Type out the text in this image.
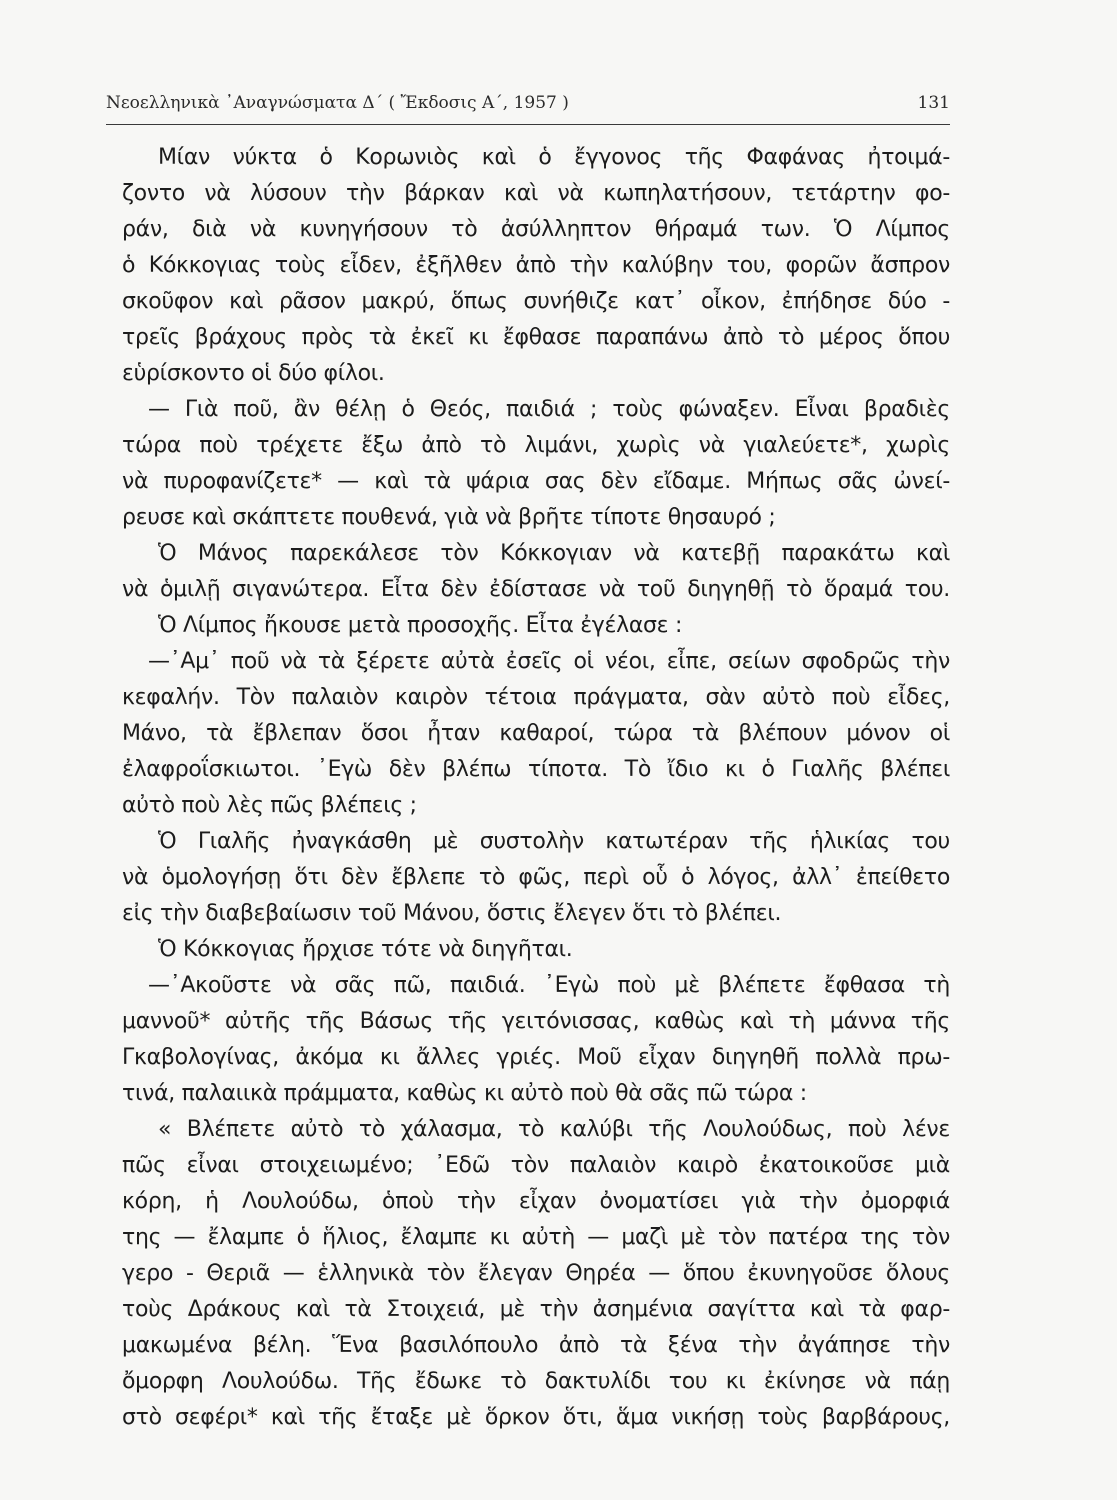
Νεοελληνικὰ ᾿Αναγνώσματα Δ΄ ( Ἔκδοσις Α΄, 1957 )	131
Μίαν νύκτα ὁ Κορωνιὸς καὶ ὁ ἔγγονος τῆς Φαφάνας ἠτοιμά-
ζοντο νὰ λύσουν τὴν βάρκαν καὶ νὰ κωπηλατήσουν, τετάρτην φο-
ράν, διὰ νὰ κυνηγήσουν τὸ ἀσύλληπτον θήραμά των. Ὁ Λίμπος
ὁ Κόκκογιας τοὺς εἶδεν, ἐξῆλθεν ἀπὸ τὴν καλύβην του, φορῶν ἄσπρον
σκοῦφον καὶ ρᾶσον μακρύ, ὅπως συνήθιζε κατ᾿ οἶκον, ἐπήδησε δύο -
τρεῖς βράχους πρὸς τὰ ἐκεῖ κι ἔφθασε παραπάνω ἀπὸ τὸ μέρος ὅπου
εὑρίσκοντο οἱ δύο φίλοι.
— Γιὰ ποῦ, ἂν θέλῃ ὁ Θεός, παιδιά ; τοὺς φώναξεν. Εἶναι βραδιὲς
τώρα ποὺ τρέχετε ἔξω ἀπὸ τὸ λιμάνι, χωρὶς νὰ γιαλεύετε*, χωρὶς
νὰ πυροφανίζετε* — καὶ τὰ ψάρια σας δὲν εἴδαμε. Μήπως σᾶς ὠνεί-
ρευσε καὶ σκάπτετε πουθενά, γιὰ νὰ βρῆτε τίποτε θησαυρό ;
Ὁ Μάνος παρεκάλεσε τὸν Κόκκογιαν νὰ κατεβῇ παρακάτω καὶ
νὰ ὁμιλῇ σιγανώτερα. Εἶτα δὲν ἐδίστασε νὰ τοῦ διηγηθῇ τὸ ὅραμά του.
Ὁ Λίμπος ἤκουσε μετὰ προσοχῆς. Εἶτα ἐγέλασε :
—᾿Αμ᾿ ποῦ νὰ τὰ ξέρετε αὐτὰ ἐσεῖς οἱ νέοι, εἶπε, σείων σφοδρῶς τὴν
κεφαλήν. Τὸν παλαιὸν καιρὸν τέτοια πράγματα, σὰν αὐτὸ ποὺ εἶδες,
Μάνο, τὰ ἔβλεπαν ὅσοι ἦταν καθαροί, τώρα τὰ βλέπουν μόνον οἱ
ἐλαφροΐσκιωτοι. ᾿Εγὼ δὲν βλέπω τίποτα. Τὸ ἴδιο κι ὁ Γιαλῆς βλέπει
αὐτὸ ποὺ λὲς πῶς βλέπεις ;
Ὁ Γιαλῆς ἠναγκάσθη μὲ συστολὴν κατωτέραν τῆς ἡλικίας του
νὰ ὁμολογήσῃ ὅτι δὲν ἔβλεπε τὸ φῶς, περὶ οὗ ὁ λόγος, ἀλλ᾿ ἐπείθετο
εἰς τὴν διαβεβαίωσιν τοῦ Μάνου, ὅστις ἔλεγεν ὅτι τὸ βλέπει.
Ὁ Κόκκογιας ἤρχισε τότε νὰ διηγῆται.
—᾿Ακοῦστε νὰ σᾶς πῶ, παιδιά. ᾿Εγὼ ποὺ μὲ βλέπετε ἔφθασα τὴ
μαννοῦ* αὐτῆς τῆς Βάσως τῆς γειτόνισσας, καθὼς καὶ τὴ μάννα τῆς
Γκαβολογίνας, ἀκόμα κι ἄλλες γριές. Μοῦ εἶχαν διηγηθῆ πολλὰ πρω-
τινά, παλαιικὰ πράμματα, καθὼς κι αὐτὸ ποὺ θὰ σᾶς πῶ τώρα :
« Βλέπετε αὐτὸ τὸ χάλασμα, τὸ καλύβι τῆς Λουλούδως, ποὺ λένε
πῶς εἶναι στοιχειωμένο; ᾿Εδῶ τὸν παλαιὸν καιρὸ ἐκατοικοῦσε μιὰ
κόρη, ἡ Λουλούδω, ὁποὺ τὴν εἶχαν ὀνοματίσει γιὰ τὴν ὀμορφιά
της — ἔλαμπε ὁ ἥλιος, ἔλαμπε κι αὐτὴ — μαζὶ μὲ τὸν πατέρα της τὸν
γερο - Θεριᾶ — ἑλληνικὰ τὸν ἔλεγαν Θηρέα — ὅπου ἐκυνηγοῦσε ὅλους
τοὺς Δράκους καὶ τὰ Στοιχειά, μὲ τὴν ἀσημένια σαγίττα καὶ τὰ φαρ-
μακωμένα βέλη. Ἕνα βασιλόπουλο ἀπὸ τὰ ξένα τὴν ἀγάπησε τὴν
ὄμορφη Λουλούδω. Τῆς ἔδωκε τὸ δακτυλίδι του κι ἐκίνησε νὰ πάῃ
στὸ σεφέρι* καὶ τῆς ἔταξε μὲ ὅρκον ὅτι, ἅμα νικήσῃ τοὺς βαρβάρους,
